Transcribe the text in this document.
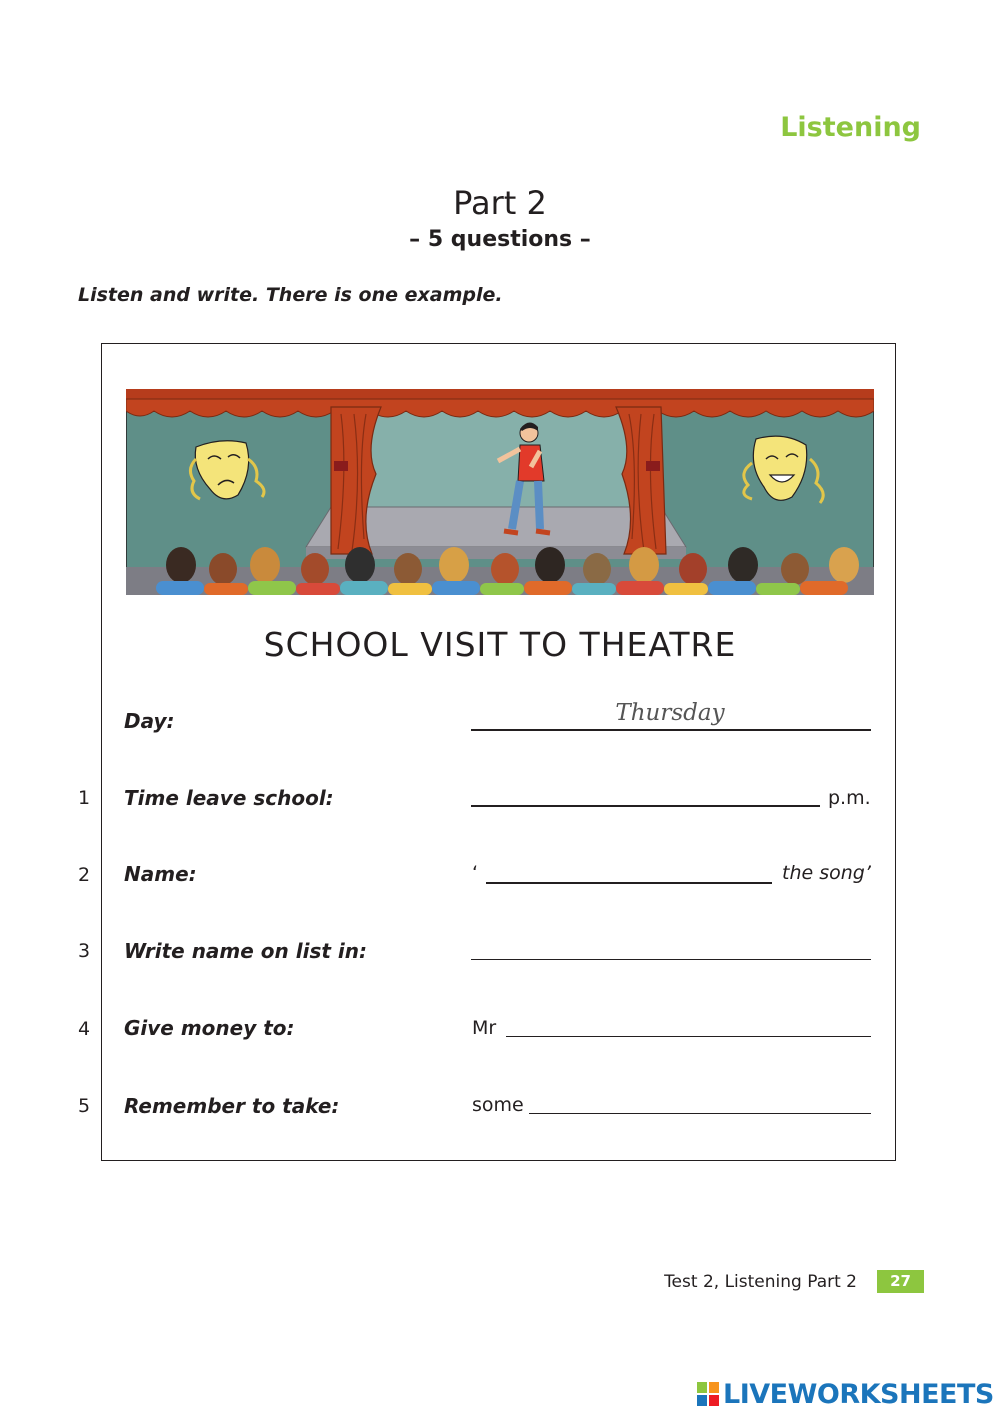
Listening
Part 2
– 5 questions –
Listen and write. There is one example.
SCHOOL VISIT TO THEATRE
Day:	Thursday
1 Time leave school:	p.m.
2 Name:	‘	the song’
3 Write name on list in:
4 Give money to:	Mr
5 Remember to take:	some
Test 2, Listening Part 2	27
LIVEWORKSHEETS
